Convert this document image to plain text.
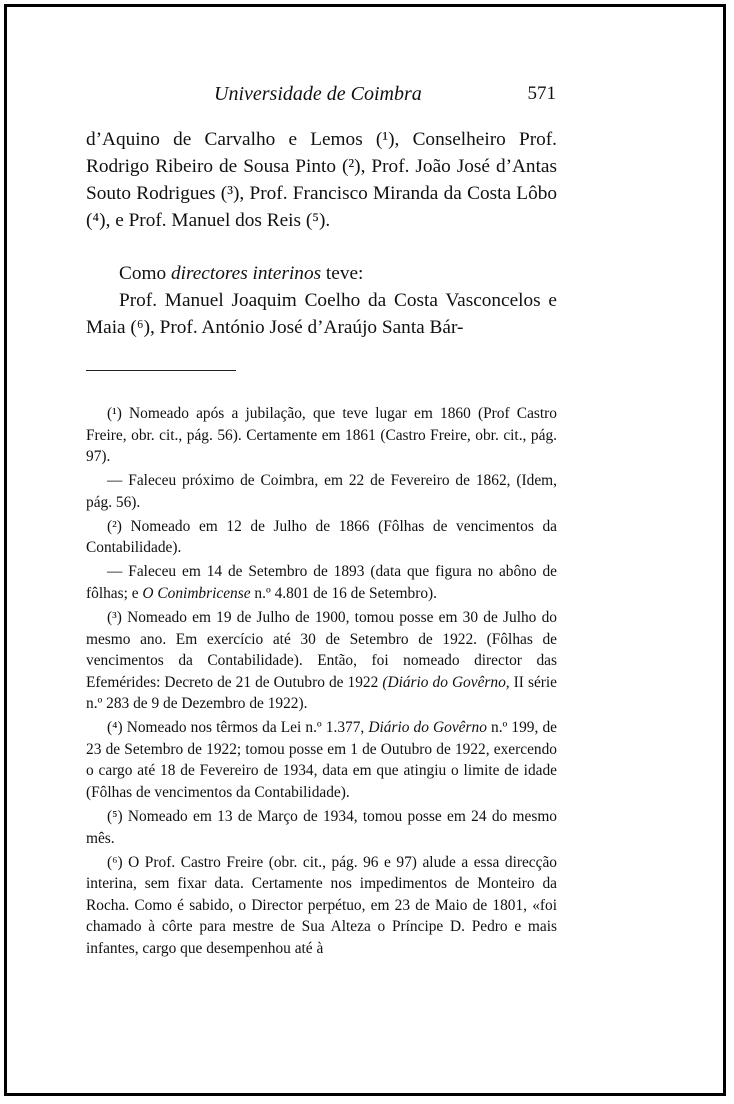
Universidade de Coimbra	571

d’Aquino de Carvalho e Lemos (¹), Conselheiro Prof. Rodrigo Ribeiro de Sousa Pinto (²), Prof. João José d’Antas Souto Rodrigues (³), Prof. Francisco Miranda da Costa Lôbo (⁴), e Prof. Manuel dos Reis (⁵).

Como directores interinos teve:

Prof. Manuel Joaquim Coelho da Costa Vasconcelos e Maia (⁶), Prof. António José d’Araújo Santa Bár-

(¹) Nomeado após a jubilação, que teve lugar em 1860 (Prof Castro Freire, obr. cit., pág. 56). Certamente em 1861 (Castro Freire, obr. cit., pág. 97).

— Faleceu próximo de Coimbra, em 22 de Fevereiro de 1862, (Idem, pág. 56).

(²) Nomeado em 12 de Julho de 1866 (Fôlhas de vencimentos da Contabilidade).

— Faleceu em 14 de Setembro de 1893 (data que figura no abôno de fôlhas; e O Conimbricense n.º 4.801 de 16 de Setembro).

(³) Nomeado em 19 de Julho de 1900, tomou posse em 30 de Julho do mesmo ano. Em exercício até 30 de Setembro de 1922. (Fôlhas de vencimentos da Contabilidade). Então, foi nomeado director das Efemérides: Decreto de 21 de Outubro de 1922 (Diário do Govêrno, II série n.º 283 de 9 de Dezembro de 1922).

(⁴) Nomeado nos têrmos da Lei n.º 1.377, Diário do Govêrno n.º 199, de 23 de Setembro de 1922; tomou posse em 1 de Outubro de 1922, exercendo o cargo até 18 de Fevereiro de 1934, data em que atingiu o limite de idade (Fôlhas de vencimentos da Contabilidade).

(⁵) Nomeado em 13 de Março de 1934, tomou posse em 24 do mesmo mês.

(⁶) O Prof. Castro Freire (obr. cit., pág. 96 e 97) alude a essa direcção interina, sem fixar data. Certamente nos impedimentos de Monteiro da Rocha. Como é sabido, o Director perpétuo, em 23 de Maio de 1801, «foi chamado à côrte para mestre de Sua Alteza o Príncipe D. Pedro e mais infantes, cargo que desempenhou até à
